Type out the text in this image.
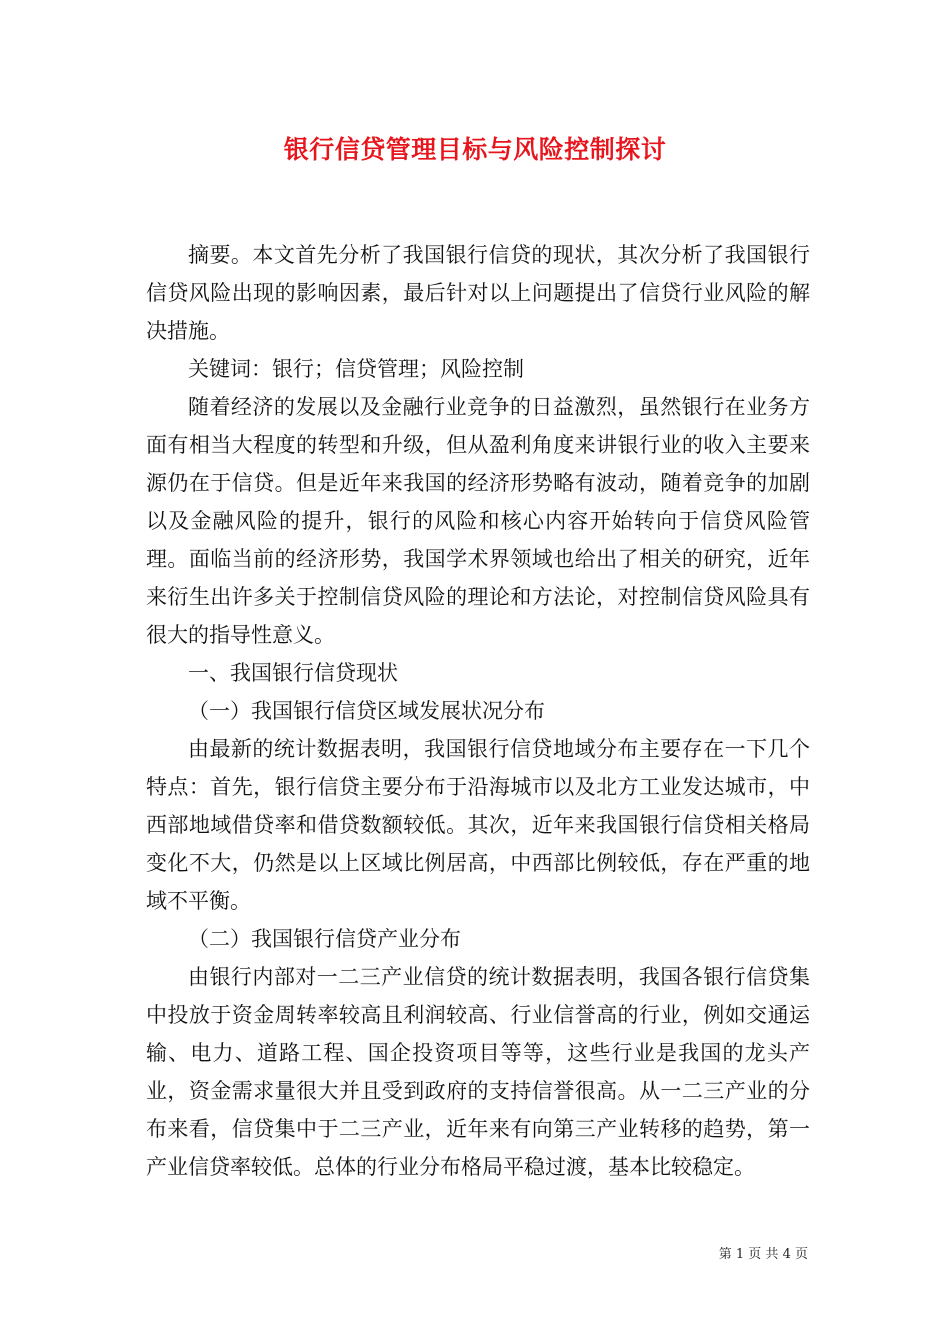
银行信贷管理目标与风险控制探讨

摘要。本文首先分析了我国银行信贷的现状，其次分析了我国银行信贷风险出现的影响因素，最后针对以上问题提出了信贷行业风险的解决措施。

关键词：银行；信贷管理；风险控制

随着经济的发展以及金融行业竞争的日益激烈，虽然银行在业务方面有相当大程度的转型和升级，但从盈利角度来讲银行业的收入主要来源仍在于信贷。但是近年来我国的经济形势略有波动，随着竞争的加剧以及金融风险的提升，银行的风险和核心内容开始转向于信贷风险管理。面临当前的经济形势，我国学术界领域也给出了相关的研究，近年来衍生出许多关于控制信贷风险的理论和方法论，对控制信贷风险具有很大的指导性意义。

一、我国银行信贷现状

（一）我国银行信贷区域发展状况分布

由最新的统计数据表明，我国银行信贷地域分布主要存在一下几个特点：首先，银行信贷主要分布于沿海城市以及北方工业发达城市，中西部地域借贷率和借贷数额较低。其次，近年来我国银行信贷相关格局变化不大，仍然是以上区域比例居高，中西部比例较低，存在严重的地域不平衡。

（二）我国银行信贷产业分布

由银行内部对一二三产业信贷的统计数据表明，我国各银行信贷集中投放于资金周转率较高且利润较高、行业信誉高的行业，例如交通运输、电力、道路工程、国企投资项目等等，这些行业是我国的龙头产业，资金需求量很大并且受到政府的支持信誉很高。从一二三产业的分布来看，信贷集中于二三产业，近年来有向第三产业转移的趋势，第一产业信贷率较低。总体的行业分布格局平稳过渡，基本比较稳定。

第 1 页 共 4 页
